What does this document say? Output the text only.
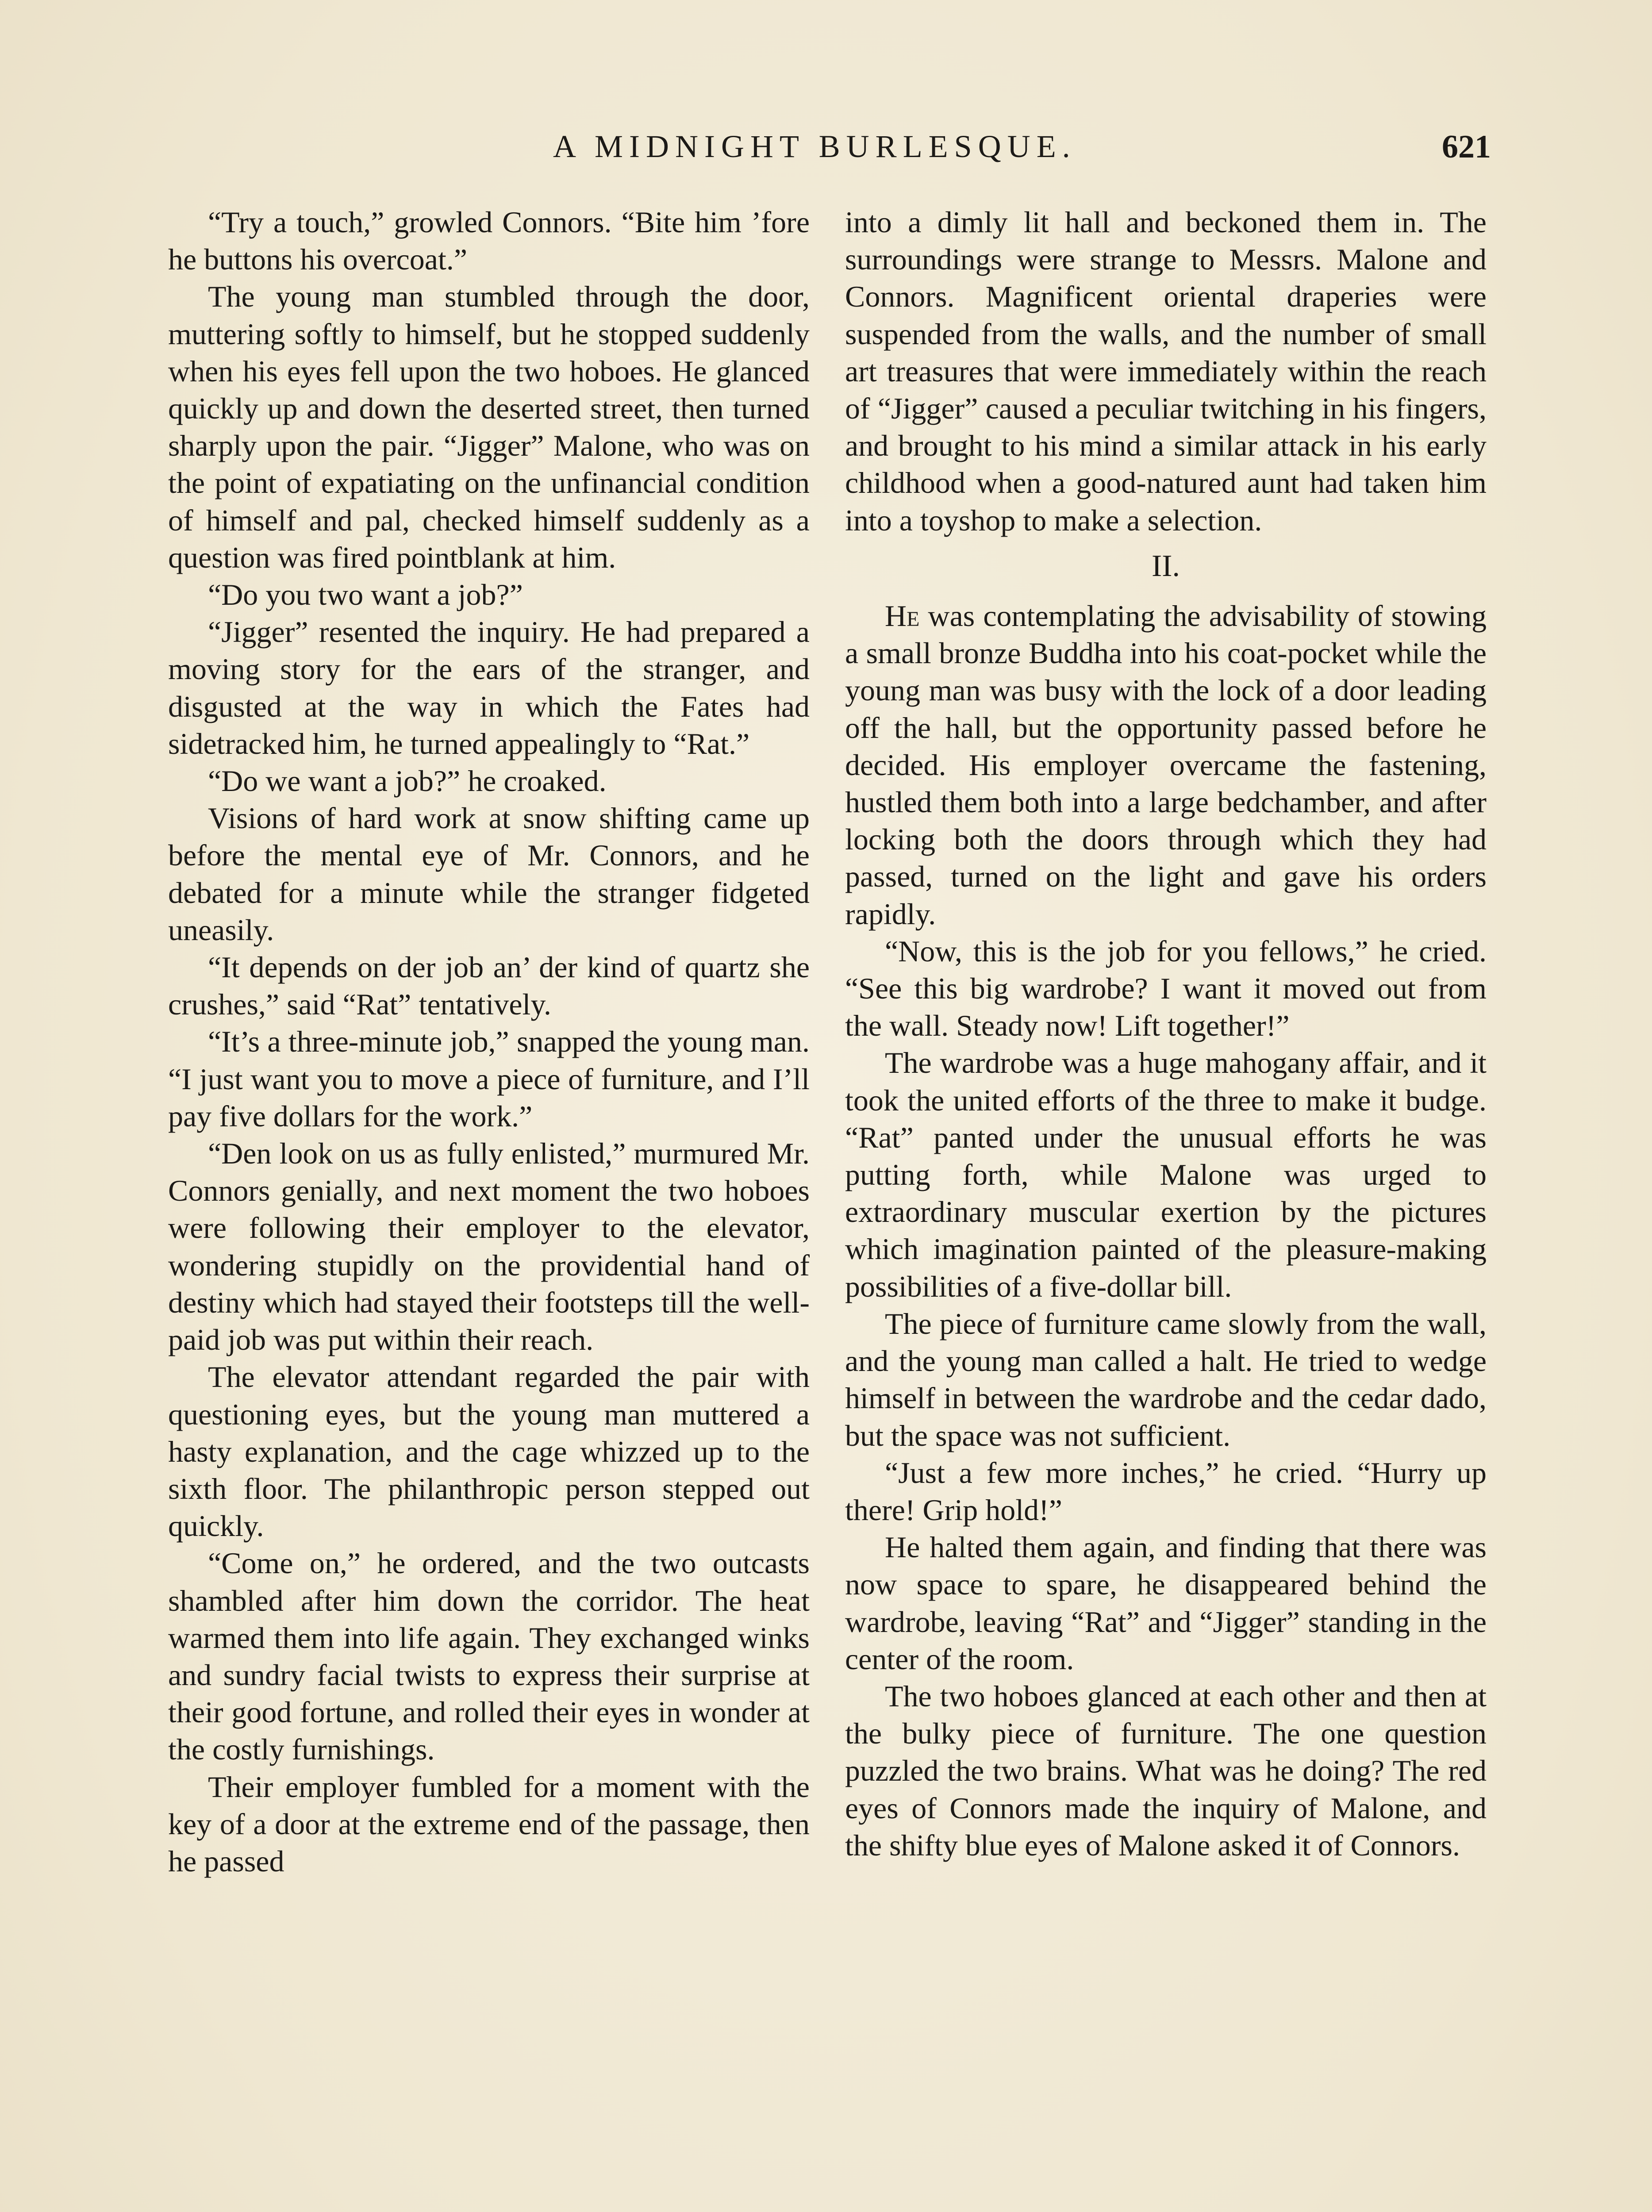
A MIDNIGHT BURLESQUE.	621

“Try a touch,” growled Connors. “Bite him ’fore he buttons his overcoat.”

The young man stumbled through the door, muttering softly to himself, but he stopped suddenly when his eyes fell upon the two hoboes. He glanced quickly up and down the deserted street, then turned sharply upon the pair. “Jigger” Malone, who was on the point of expatiating on the unfinancial condition of himself and pal, checked himself suddenly as a question was fired pointblank at him.

“Do you two want a job?”

“Jigger” resented the inquiry. He had prepared a moving story for the ears of the stranger, and disgusted at the way in which the Fates had sidetracked him, he turned appealingly to “Rat.”

“Do we want a job?” he croaked.

Visions of hard work at snow shifting came up before the mental eye of Mr. Connors, and he debated for a minute while the stranger fidgeted uneasily.

“It depends on der job an’ der kind of quartz she crushes,” said “Rat” tentatively.

“It’s a three-minute job,” snapped the young man. “I just want you to move a piece of furniture, and I’ll pay five dollars for the work.”

“Den look on us as fully enlisted,” murmured Mr. Connors genially, and next moment the two hoboes were following their employer to the elevator, wondering stupidly on the providential hand of destiny which had stayed their footsteps till the well-paid job was put within their reach.

The elevator attendant regarded the pair with questioning eyes, but the young man muttered a hasty explanation, and the cage whizzed up to the sixth floor. The philanthropic person stepped out quickly.

“Come on,” he ordered, and the two outcasts shambled after him down the corridor. The heat warmed them into life again. They exchanged winks and sundry facial twists to express their surprise at their good fortune, and rolled their eyes in wonder at the costly furnishings.

Their employer fumbled for a moment with the key of a door at the extreme end of the passage, then he passed

into a dimly lit hall and beckoned them in. The surroundings were strange to Messrs. Malone and Connors. Magnificent oriental draperies were suspended from the walls, and the number of small art treasures that were immediately within the reach of “Jigger” caused a peculiar twitching in his fingers, and brought to his mind a similar attack in his early childhood when a good-natured aunt had taken him into a toyshop to make a selection.

II.

He was contemplating the advisability of stowing a small bronze Buddha into his coat-pocket while the young man was busy with the lock of a door leading off the hall, but the opportunity passed before he decided. His employer overcame the fastening, hustled them both into a large bedchamber, and after locking both the doors through which they had passed, turned on the light and gave his orders rapidly.

“Now, this is the job for you fellows,” he cried. “See this big wardrobe? I want it moved out from the wall. Steady now! Lift together!”

The wardrobe was a huge mahogany affair, and it took the united efforts of the three to make it budge. “Rat” panted under the unusual efforts he was putting forth, while Malone was urged to extraordinary muscular exertion by the pictures which imagination painted of the pleasure-making possibilities of a five-dollar bill.

The piece of furniture came slowly from the wall, and the young man called a halt. He tried to wedge himself in between the wardrobe and the cedar dado, but the space was not sufficient.

“Just a few more inches,” he cried. “Hurry up there! Grip hold!”

He halted them again, and finding that there was now space to spare, he disappeared behind the wardrobe, leaving “Rat” and “Jigger” standing in the center of the room.

The two hoboes glanced at each other and then at the bulky piece of furniture. The one question puzzled the two brains. What was he doing? The red eyes of Connors made the inquiry of Malone, and the shifty blue eyes of Malone asked it of Connors.
